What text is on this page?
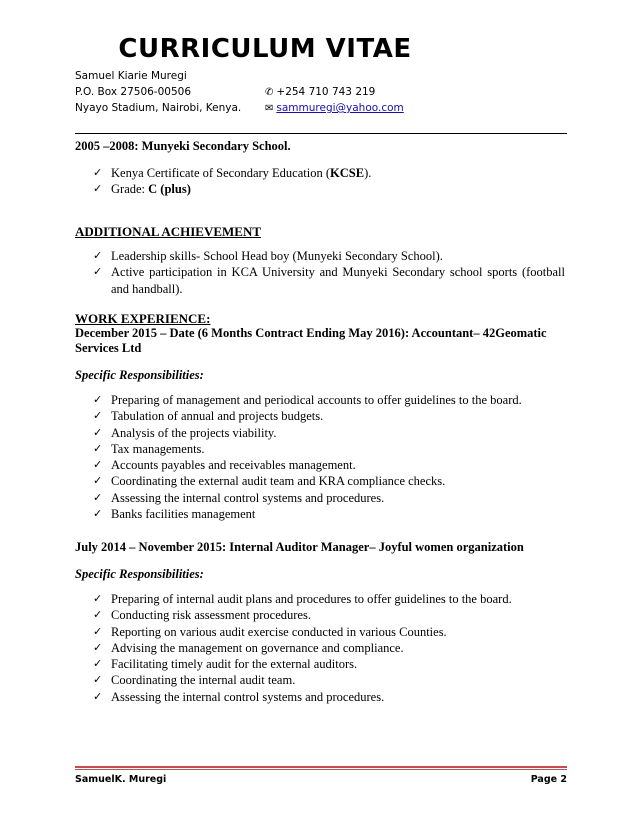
CURRICULUM VITAE
Samuel Kiarie Muregi
P.O. Box 27506-00506	✆ +254 710 743 219
Nyayo Stadium, Nairobi, Kenya. ✉ sammuregi@yahoo.com
2005 –2008: Munyeki Secondary School.
✓ Kenya Certificate of Secondary Education (KCSE).
✓ Grade: C (plus)
ADDITIONAL ACHIEVEMENT
✓ Leadership skills- School Head boy (Munyeki Secondary School).
✓ Active participation in KCA University and Munyeki Secondary school sports (football and handball).
WORK EXPERIENCE:
December 2015 – Date (6 Months Contract Ending May 2016): Accountant– 42Geomatic Services Ltd
Specific Responsibilities:
✓ Preparing of management and periodical accounts to offer guidelines to the board.
✓ Tabulation of annual and projects budgets.
✓ Analysis of the projects viability.
✓ Tax managements.
✓ Accounts payables and receivables management.
✓ Coordinating the external audit team and KRA compliance checks.
✓ Assessing the internal control systems and procedures.
✓ Banks facilities management
July 2014 – November 2015: Internal Auditor Manager– Joyful women organization
Specific Responsibilities:
✓ Preparing of internal audit plans and procedures to offer guidelines to the board.
✓ Conducting risk assessment procedures.
✓ Reporting on various audit exercise conducted in various Counties.
✓ Advising the management on governance and compliance.
✓ Facilitating timely audit for the external auditors.
✓ Coordinating the internal audit team.
✓ Assessing the internal control systems and procedures.
SamuelK. Muregi	Page 2
